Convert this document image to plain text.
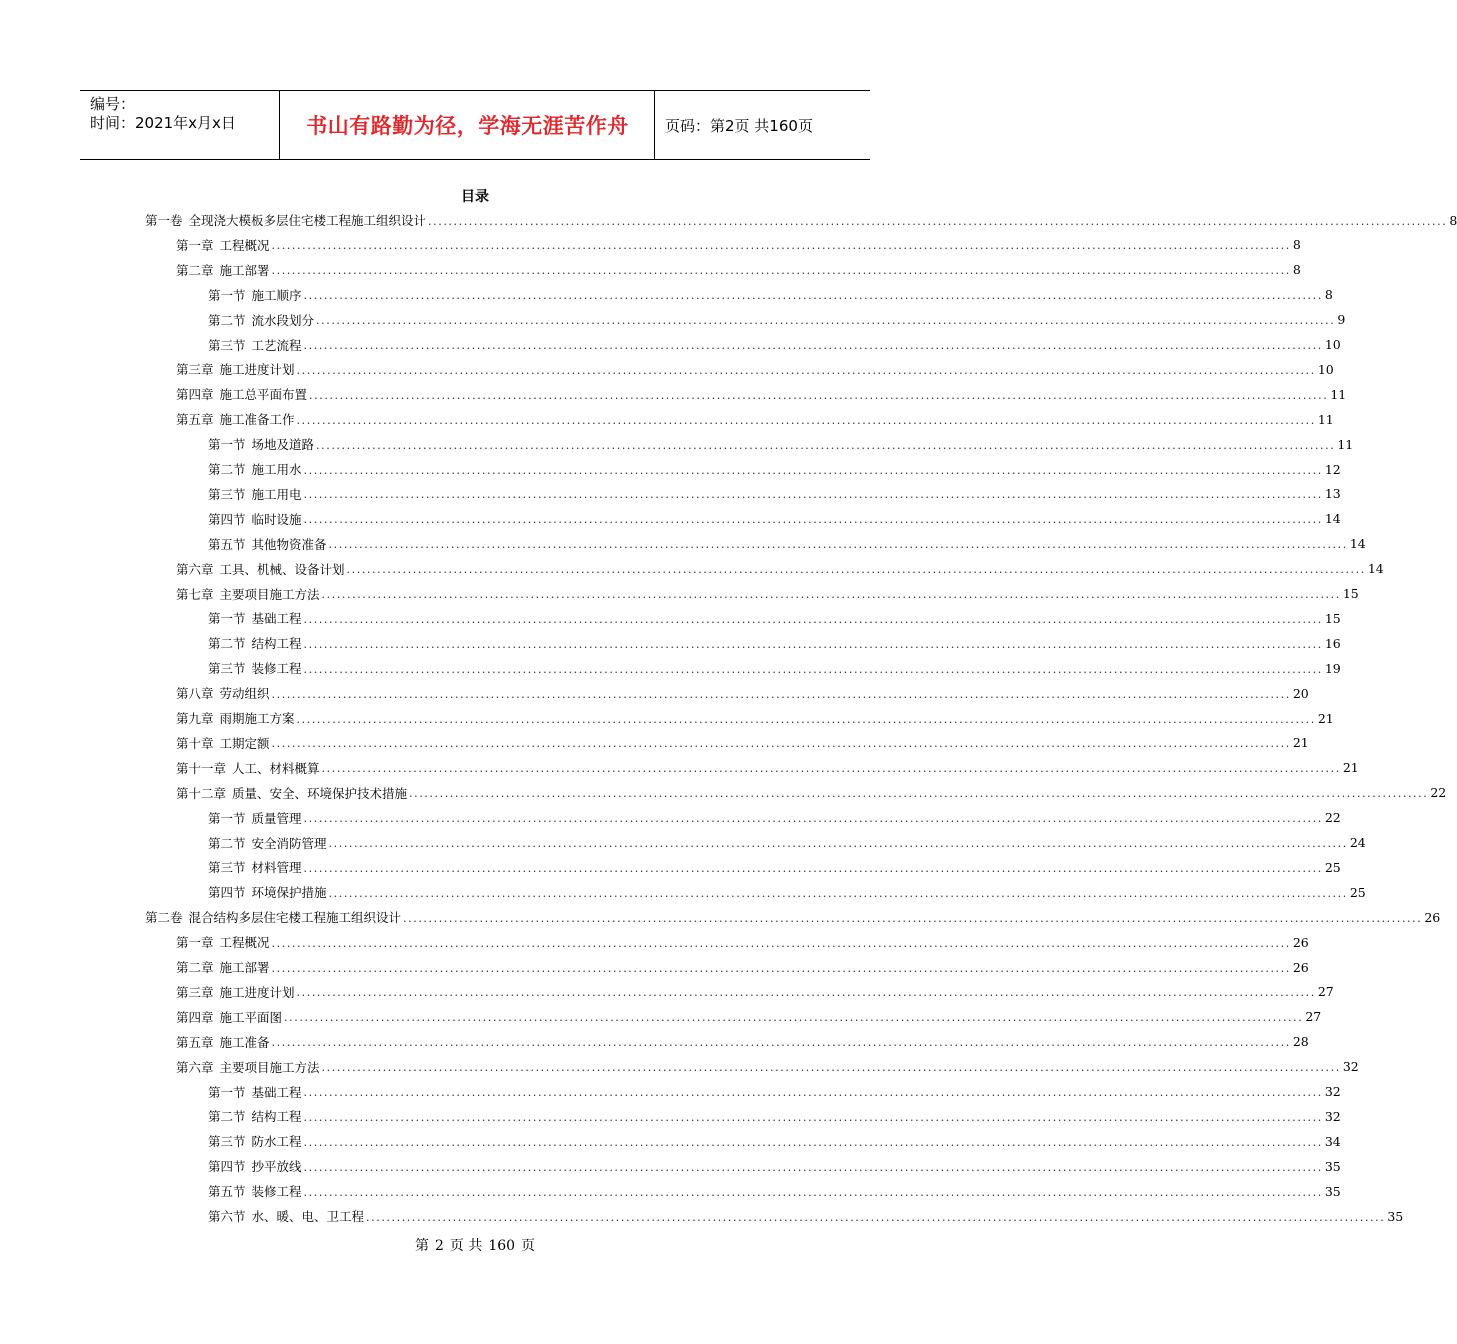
编号：
时间：2021年x月x日	书山有路勤为径，学海无涯苦作舟	页码：第2页 共160页
目录
第一卷 全现浇大模板多层住宅楼工程施工组织设计 ........................................................................................................................................................................................................ 8
第一章 工程概况 ........................................................................................................................................................................................................ 8
第二章 施工部署 ........................................................................................................................................................................................................ 8
第一节 施工顺序 ........................................................................................................................................................................................................ 8
第二节 流水段划分 ........................................................................................................................................................................................................ 9
第三节 工艺流程 ........................................................................................................................................................................................................ 10
第三章 施工进度计划 ........................................................................................................................................................................................................ 10
第四章 施工总平面布置 ........................................................................................................................................................................................................ 11
第五章 施工准备工作 ........................................................................................................................................................................................................ 11
第一节 场地及道路 ........................................................................................................................................................................................................ 11
第二节 施工用水 ........................................................................................................................................................................................................ 12
第三节 施工用电 ........................................................................................................................................................................................................ 13
第四节 临时设施 ........................................................................................................................................................................................................ 14
第五节 其他物资准备 ........................................................................................................................................................................................................ 14
第六章 工具、机械、设备计划 ........................................................................................................................................................................................................ 14
第七章 主要项目施工方法 ........................................................................................................................................................................................................ 15
第一节 基础工程 ........................................................................................................................................................................................................ 15
第二节 结构工程 ........................................................................................................................................................................................................ 16
第三节 装修工程 ........................................................................................................................................................................................................ 19
第八章 劳动组织 ........................................................................................................................................................................................................ 20
第九章 雨期施工方案 ........................................................................................................................................................................................................ 21
第十章 工期定额 ........................................................................................................................................................................................................ 21
第十一章 人工、材料概算 ........................................................................................................................................................................................................ 21
第十二章 质量、安全、环境保护技术措施 ........................................................................................................................................................................................................ 22
第一节 质量管理 ........................................................................................................................................................................................................ 22
第二节 安全消防管理 ........................................................................................................................................................................................................ 24
第三节 材料管理 ........................................................................................................................................................................................................ 25
第四节 环境保护措施 ........................................................................................................................................................................................................ 25
第二卷 混合结构多层住宅楼工程施工组织设计 ........................................................................................................................................................................................................ 26
第一章 工程概况 ........................................................................................................................................................................................................ 26
第二章 施工部署 ........................................................................................................................................................................................................ 26
第三章 施工进度计划 ........................................................................................................................................................................................................ 27
第四章 施工平面图 ........................................................................................................................................................................................................ 27
第五章 施工准备 ........................................................................................................................................................................................................ 28
第六章 主要项目施工方法 ........................................................................................................................................................................................................ 32
第一节 基础工程 ........................................................................................................................................................................................................ 32
第二节 结构工程 ........................................................................................................................................................................................................ 32
第三节 防水工程 ........................................................................................................................................................................................................ 34
第四节 抄平放线 ........................................................................................................................................................................................................ 35
第五节 装修工程 ........................................................................................................................................................................................................ 35
第六节 水、暖、电、卫工程 ........................................................................................................................................................................................................ 35
第 2 页 共 160 页
